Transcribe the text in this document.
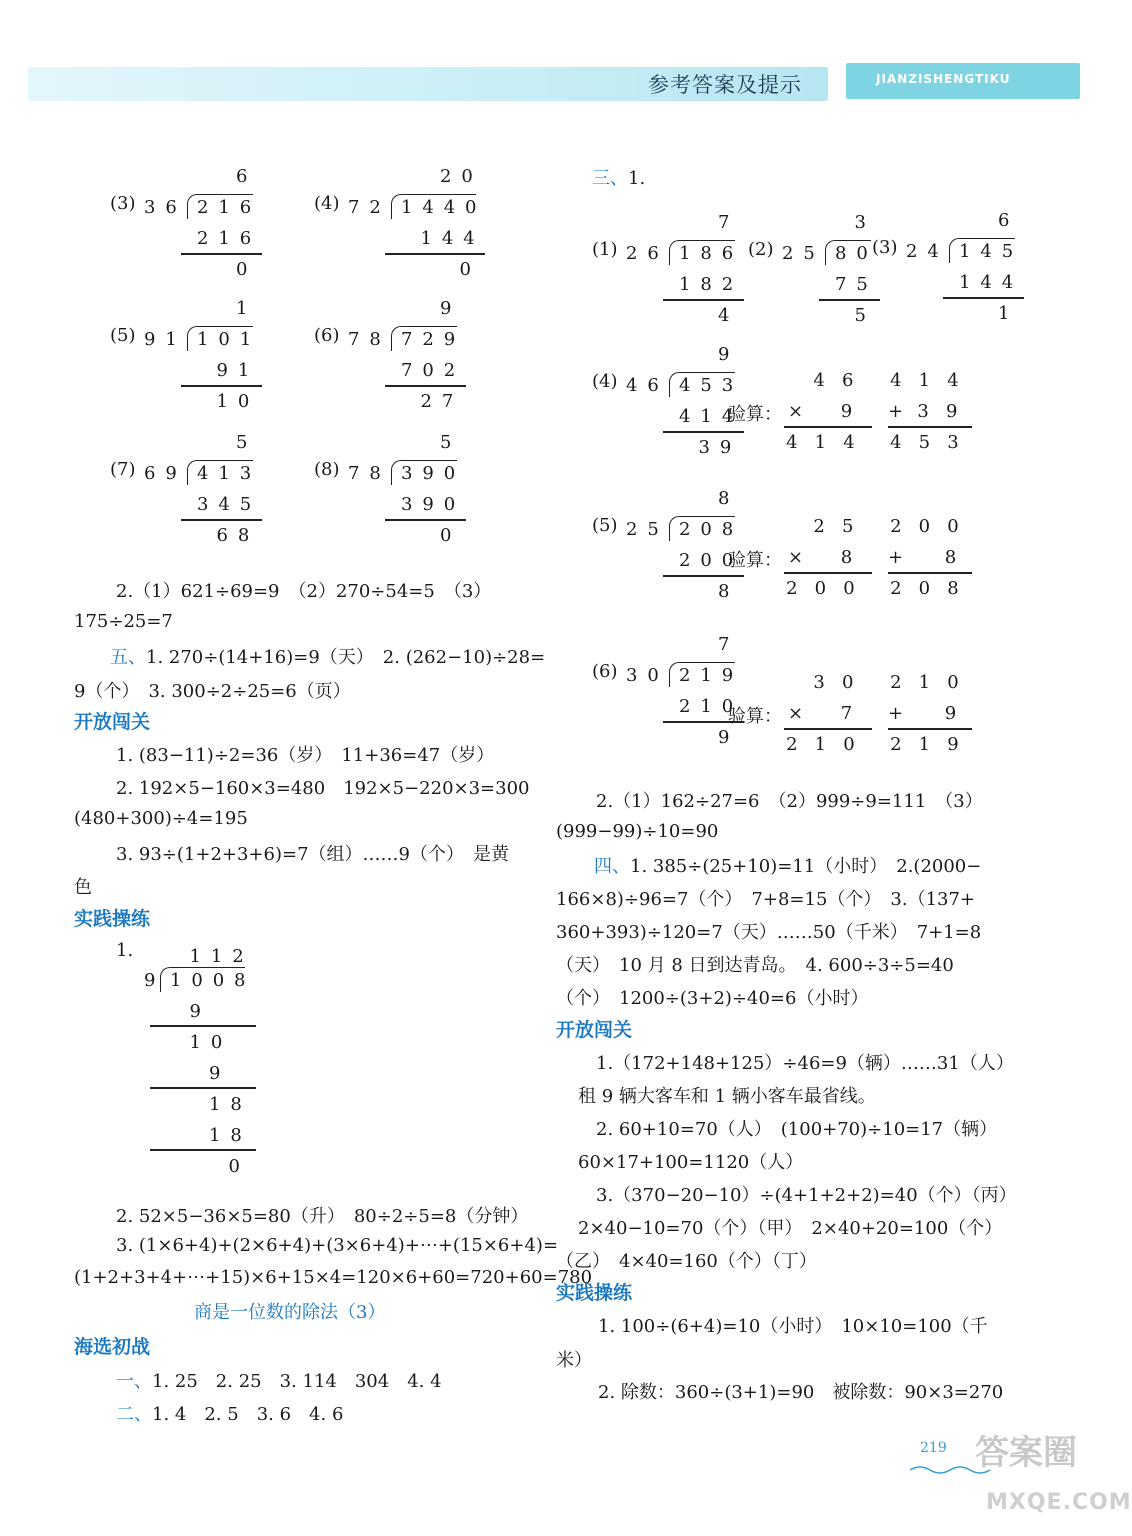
参考答案及提示	JIANZISHENGTIKU
(3)
6
36 216
216
0
(4)
20
72 1440
144
0
(5)
1
91 101
91
10
(6)
9
78 729
702
27
(7)
5
69 413
345
68
(8)
5
78 390
390
0
2.（1）621÷69=9　（2）270÷54=5　（3）
175÷25=7
五、1. 270÷(14+16)=9（天）　2. (262−10)÷28=
9（个）　3. 300÷2÷25=6（页）
开放闯关
1. (83−11)÷2=36（岁）　11+36=47（岁）
2. 192×5−160×3=480　192×5−220×3=300
(480+300)÷4=195
3. 93÷(1+2+3+6)=7（组）……9（个）　是黄
色
实践操练
1.	112
9 1008
9
10
9
18
18
0
2. 52×5−36×5=80（升）　80÷2÷5=8（分钟）
3. (1×6+4)+(2×6+4)+(3×6+4)+⋯+(15×6+4)=
(1+2+3+4+⋯+15)×6+15×4=120×6+60=720+60=780
商是一位数的除法（3）
海选初战
一、1. 25　2. 25　3. 114　304　4. 4
二、1. 4　2. 5　3. 6　4. 6
三、1.
(1)
7
26 186
182
4
(2)
3
25 80
75
5
(3)
6
24 145
144
1
(4)
9
46 453
414
39
(5)
8
25 208
200
8
(6)
7
30 219
210
9
验算：
46
× 9
414
414
+ 39
453
验算：
25
× 8
200
200
+ 8
208
验算：
30
× 7
210
210
+ 9
219
2.（1）162÷27=6　（2）999÷9=111　（3）
(999−99)÷10=90
四、1. 385÷(25+10)=11（小时）　2.(2000−
166×8)÷96=7（个）　7+8=15（个）　3.（137+
360+393)÷120=7（天）……50（千米）　7+1=8
（天）　10 月 8 日到达青岛。　4. 600÷3÷5=40
（个）　1200÷(3+2)÷40=6（小时）
开放闯关
1.（172+148+125）÷46=9（辆）……31（人）
租 9 辆大客车和 1 辆小客车最省线。
2. 60+10=70（人）　(100+70)÷10=17（辆）
60×17+100=1120（人）
3.（370−20−10）÷(4+1+2+2)=40（个）（丙）
2×40−10=70（个）（甲）　2×40+20=100（个）
（乙）　4×40=160（个）（丁）
实践操练
1. 100÷(6+4)=10（小时）　10×10=100（千
米）
2. 除数：360÷(3+1)=90　被除数：90×3=270
219 答案圈
MXQE.COM
